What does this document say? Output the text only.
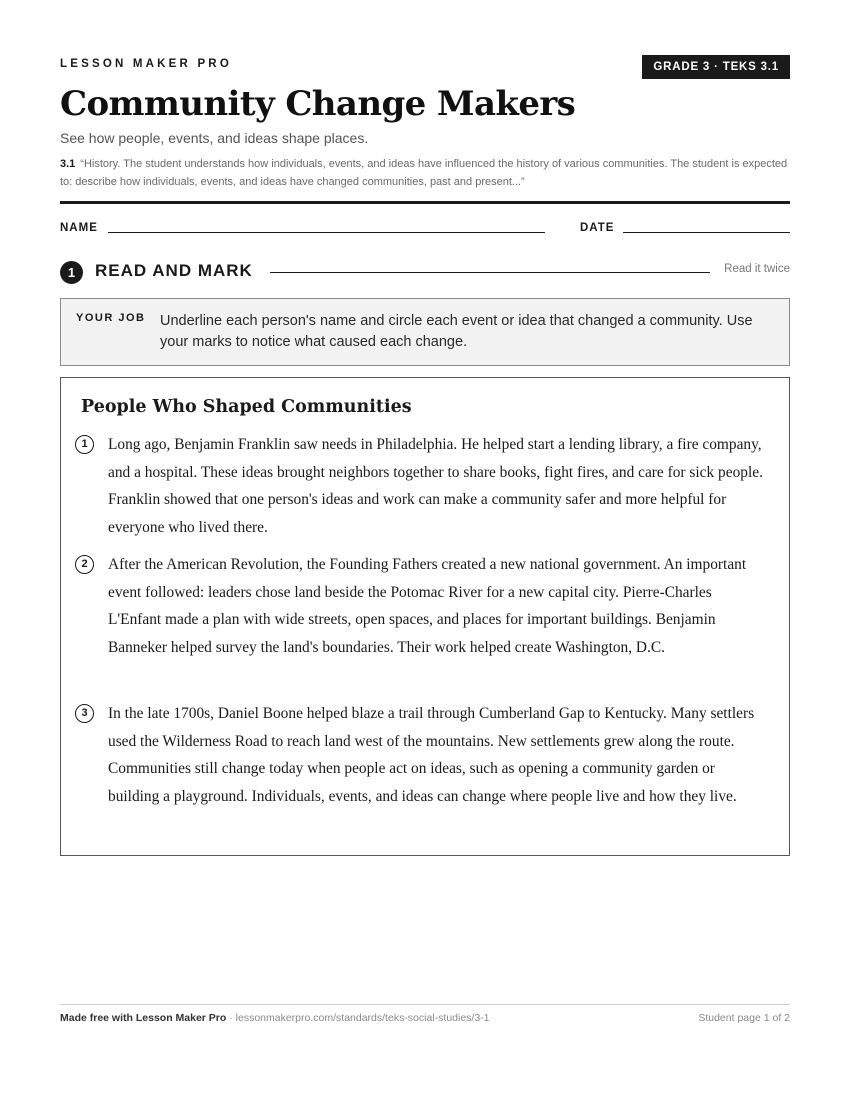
LESSON MAKER PRO	GRADE 3 · TEKS 3.1
Community Change Makers
See how people, events, and ideas shape places.
3.1 “History. The student understands how individuals, events, and ideas have influenced the history of various communities. The student is expected to: describe how individuals, events, and ideas have changed communities, past and present...”
NAME	DATE
1	READ AND MARK	Read it twice
YOUR JOB Underline each person's name and circle each event or idea that changed a community. Use your marks to notice what caused each change.
People Who Shaped Communities
1	Long ago, Benjamin Franklin saw needs in Philadelphia. He helped start a lending library, a fire company, and a hospital. These ideas brought neighbors together to share books, fight fires, and care for sick people. Franklin showed that one person's ideas and work can make a community safer and more helpful for everyone who lived there.
2	After the American Revolution, the Founding Fathers created a new national government. An important event followed: leaders chose land beside the Potomac River for a new capital city. Pierre-Charles L'Enfant made a plan with wide streets, open spaces, and places for important buildings. Benjamin Banneker helped survey the land's boundaries. Their work helped create Washington, D.C.
3	In the late 1700s, Daniel Boone helped blaze a trail through Cumberland Gap to Kentucky. Many settlers used the Wilderness Road to reach land west of the mountains. New settlements grew along the route. Communities still change today when people act on ideas, such as opening a community garden or building a playground. Individuals, events, and ideas can change where people live and how they live.
Made free with Lesson Maker Pro · lessonmakerpro.com/standards/teks-social-studies/3-1	Student page 1 of 2
